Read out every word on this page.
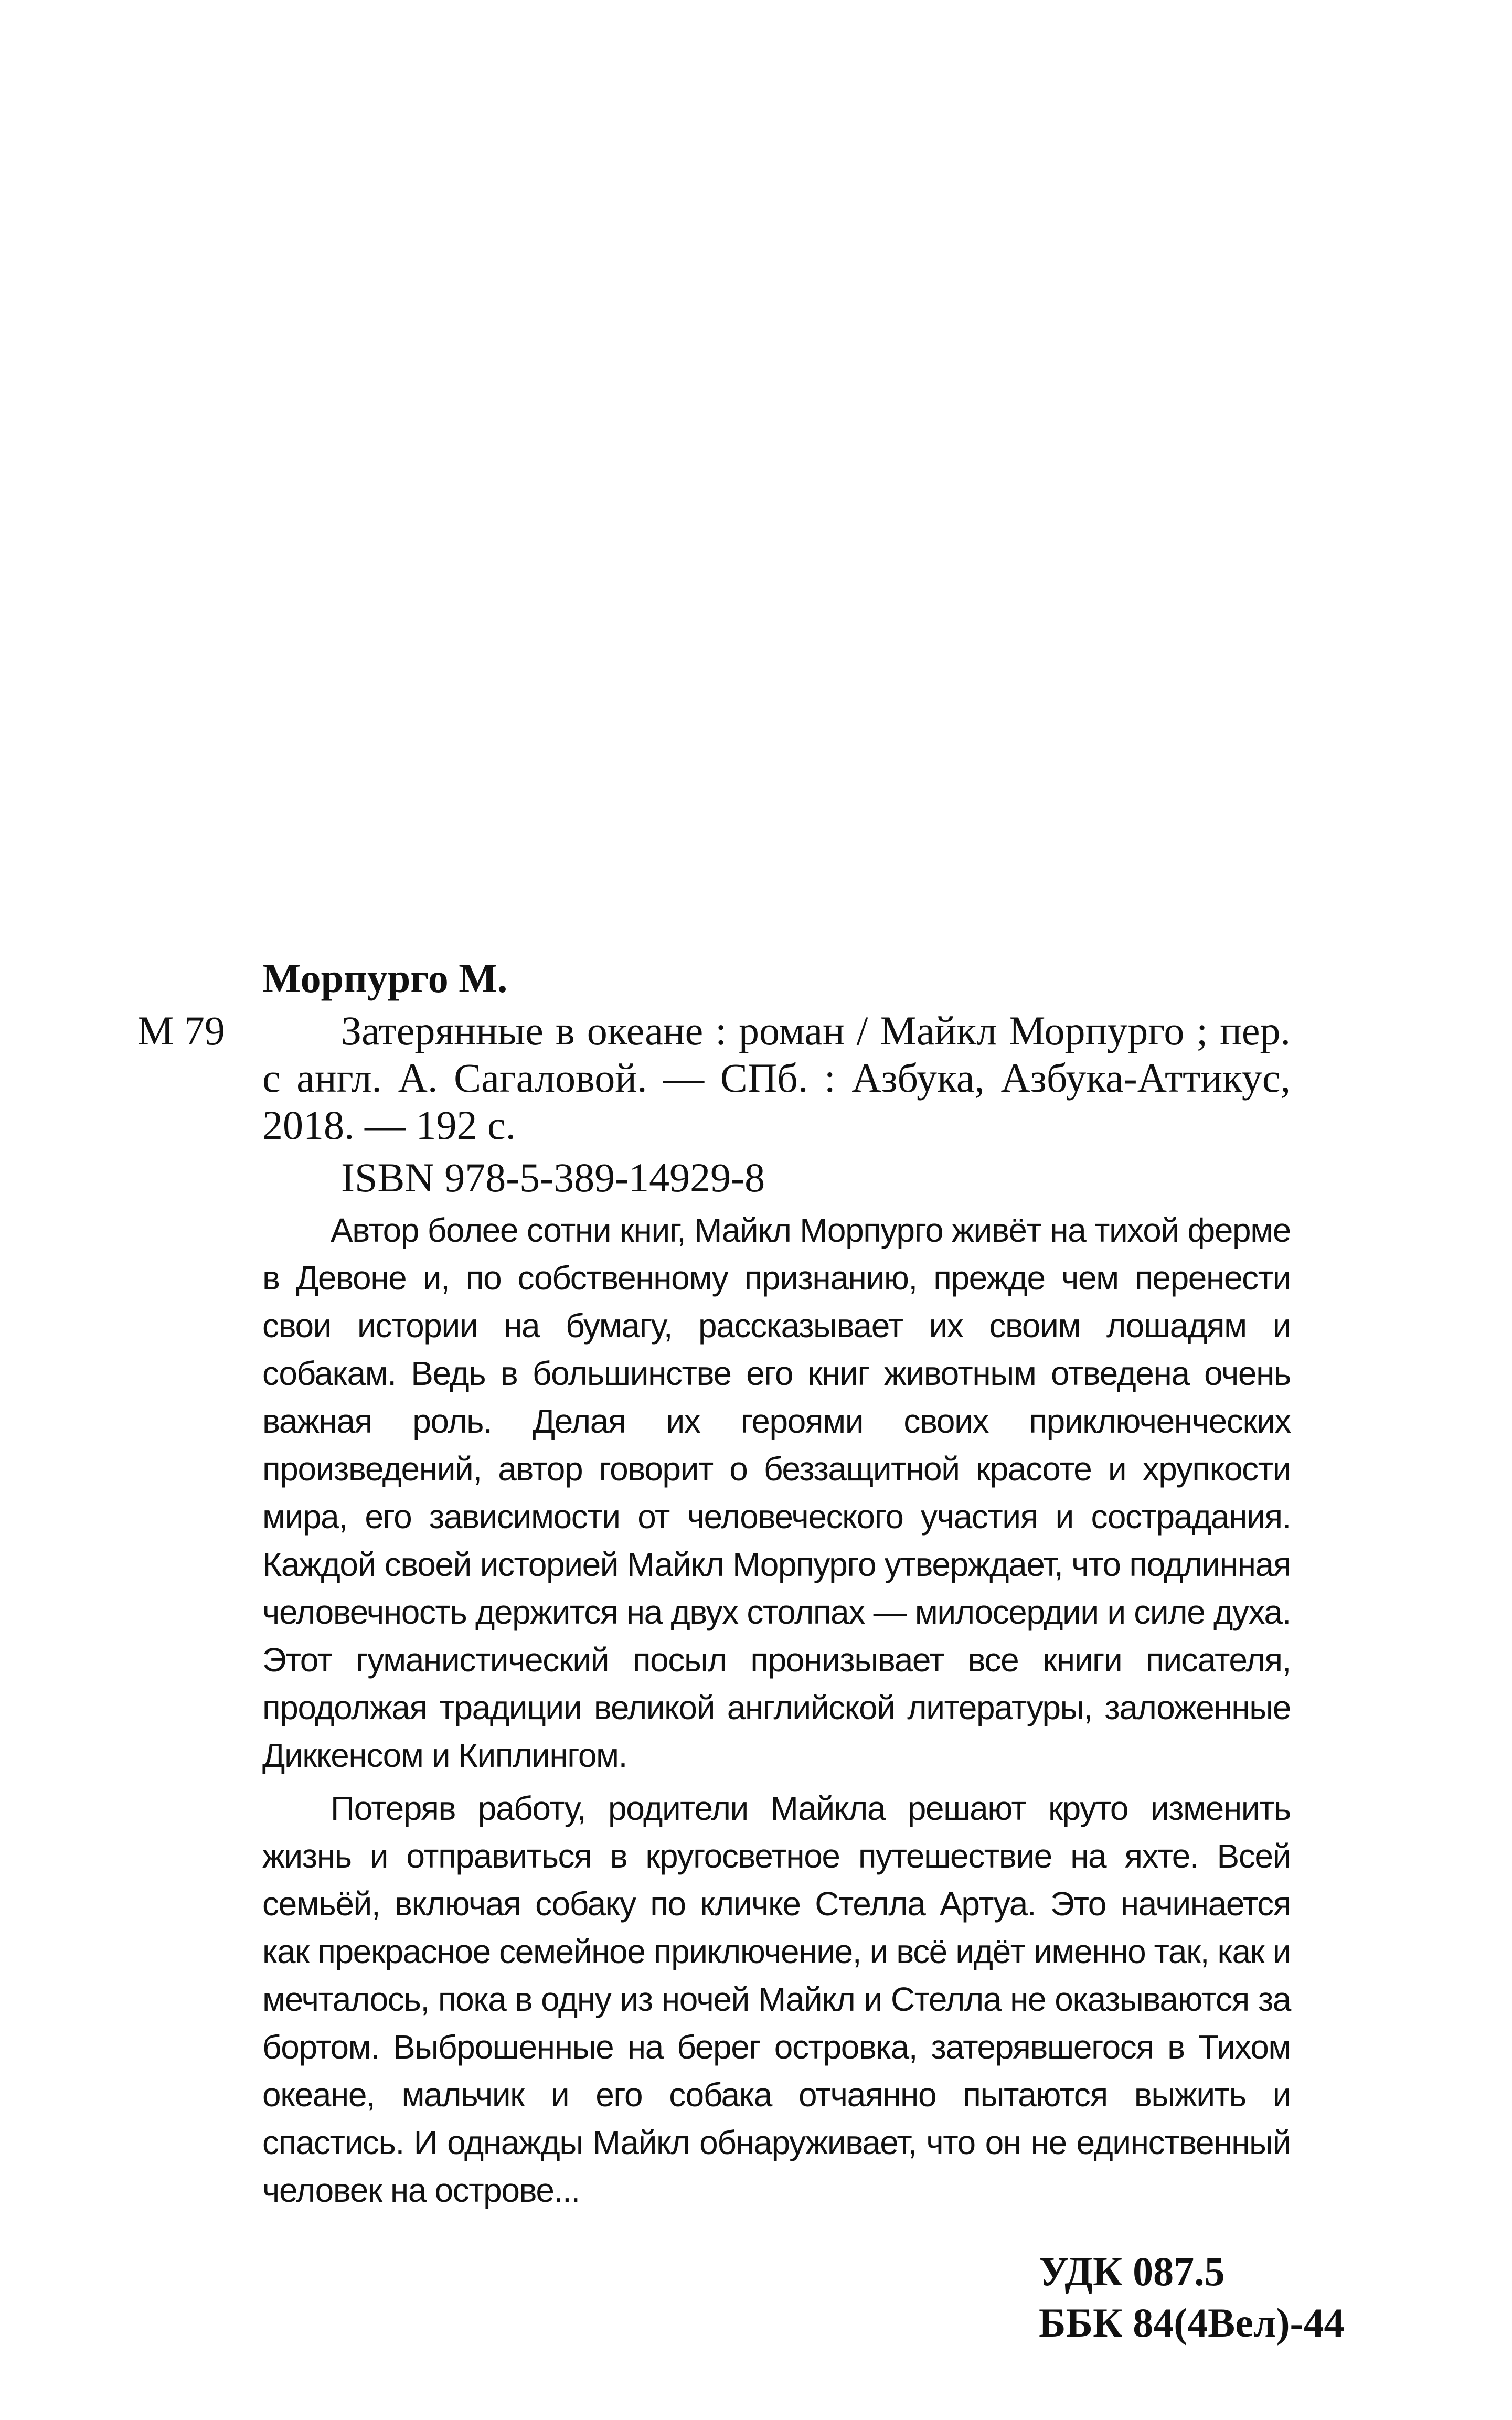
М 79
Морпурго М.

Затерянные в океане : роман / Майкл Морпурго ; пер. с англ. А. Сагаловой. — СПб. : Азбука, Азбука-Аттикус, 2018. — 192 с.

ISBN 978-5-389-14929-8

Автор более сотни книг, Майкл Морпурго живёт на тихой ферме в Девоне и, по собственному признанию, прежде чем перенести свои истории на бумагу, рассказывает их своим лошадям и собакам. Ведь в большинстве его книг животным отведена очень важная роль. Делая их героями своих приключенческих произведений, автор говорит о беззащитной красоте и хрупкости мира, его зависимости от человеческого участия и сострадания. Каждой своей историей Майкл Морпурго утверждает, что подлинная человечность держится на двух столпах — милосердии и силе духа. Этот гуманистический посыл пронизывает все книги писателя, продолжая традиции великой английской литературы, заложенные Диккенсом и Киплингом.

Потеряв работу, родители Майкла решают круто изменить жизнь и отправиться в кругосветное путешествие на яхте. Всей семьёй, включая собаку по кличке Стелла Артуа. Это начинается как прекрасное семейное приключение, и всё идёт именно так, как и мечталось, пока в одну из ночей Майкл и Стелла не оказываются за бортом. Выброшенные на берег островка, затерявшегося в Тихом океане, мальчик и его собака отчаянно пытаются выжить и спастись. И однажды Майкл обнаруживает, что он не единственный человек на острове...

УДК 087.5
ББК 84(4Вел)-44
